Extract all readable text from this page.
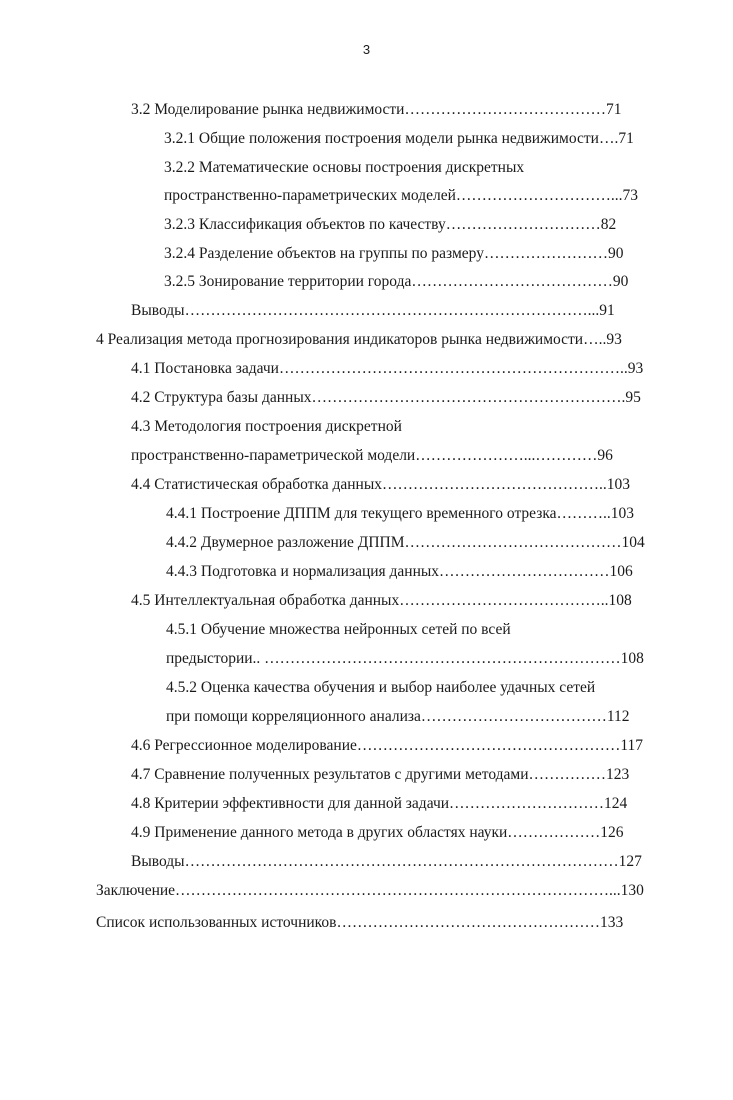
3
3.2 Моделирование рынка недвижимости…………………………………71
3.2.1 Общие положения построения модели рынка недвижимости….71
3.2.2 Математические основы построения дискретных
пространственно-параметрических моделей…………………………...73
3.2.3 Классификация объектов по качеству…………………………82
3.2.4 Разделение объектов на группы по размеру……………………90
3.2.5 Зонирование территории города…………………………………90
Выводы……………………………………………………………………...91
4 Реализация метода прогнозирования индикаторов рынка недвижимости…..93
4.1 Постановка задачи…………………………………………………………..93
4.2 Структура базы данных…………………………………………………….95
4.3 Методология построения дискретной
пространственно-параметрической модели…………………...…………96
4.4 Статистическая обработка данных……………………………………..103
4.4.1 Построение ДППМ для текущего временного отрезка………..103
4.4.2 Двумерное разложение ДППМ……………………………………104
4.4.3 Подготовка и нормализация данных……………………………106
4.5 Интеллектуальная обработка данных…………………………………..108
4.5.1 Обучение множества нейронных сетей по всей
предыстории.. ……………………………………………………………108
4.5.2 Оценка качества обучения и выбор наиболее удачных сетей
при помощи корреляционного анализа………………………………112
4.6 Регрессионное моделирование……………………………………………117
4.7 Сравнение полученных результатов с другими методами……………123
4.8 Критерии эффективности для данной задачи…………………………124
4.9 Применение данного метода в других областях науки………………126
Выводы…………………………………………………………………………127
Заключение…………………………………………………………………………...130
Список использованных источников……………………………………………133
